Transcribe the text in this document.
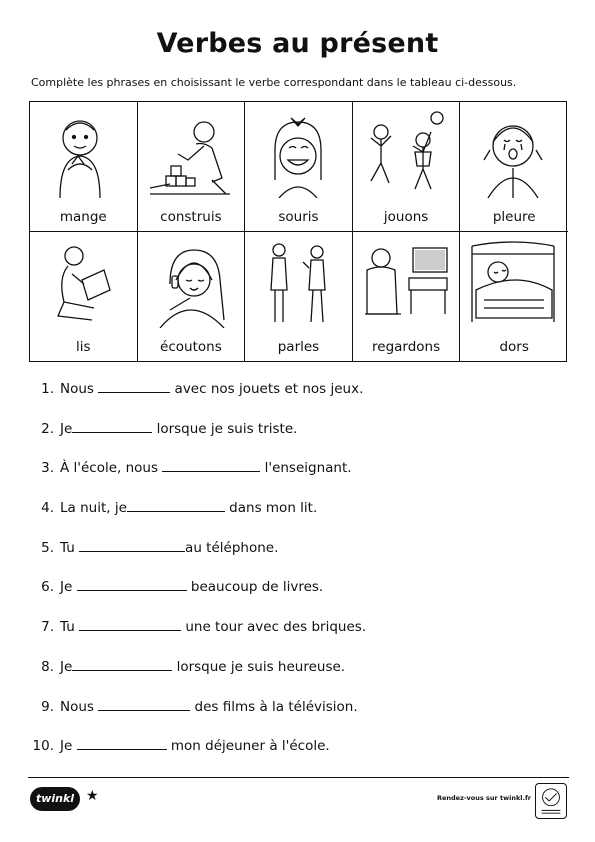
Verbes au présent
Complète les phrases en choisissant le verbe correspondant dans le tableau ci-dessous.
mange	construis	souris	jouons	pleure
lis	écoutons	parles	regardons	dors
1. Nous	avec nos jouets et nos jeux.
2. Je	lorsque je suis triste.
3. À l'école, nous	l'enseignant.
4. La nuit, je	dans mon lit.
5. Tu	au téléphone.
6. Je	beaucoup de livres.
7. Tu	une tour avec des briques.
8. Je	lorsque je suis heureuse.
9. Nous	des films à la télévision.
10. Je	mon déjeuner à l'école.
twinkl ★	Rendez-vous sur twinkl.fr
